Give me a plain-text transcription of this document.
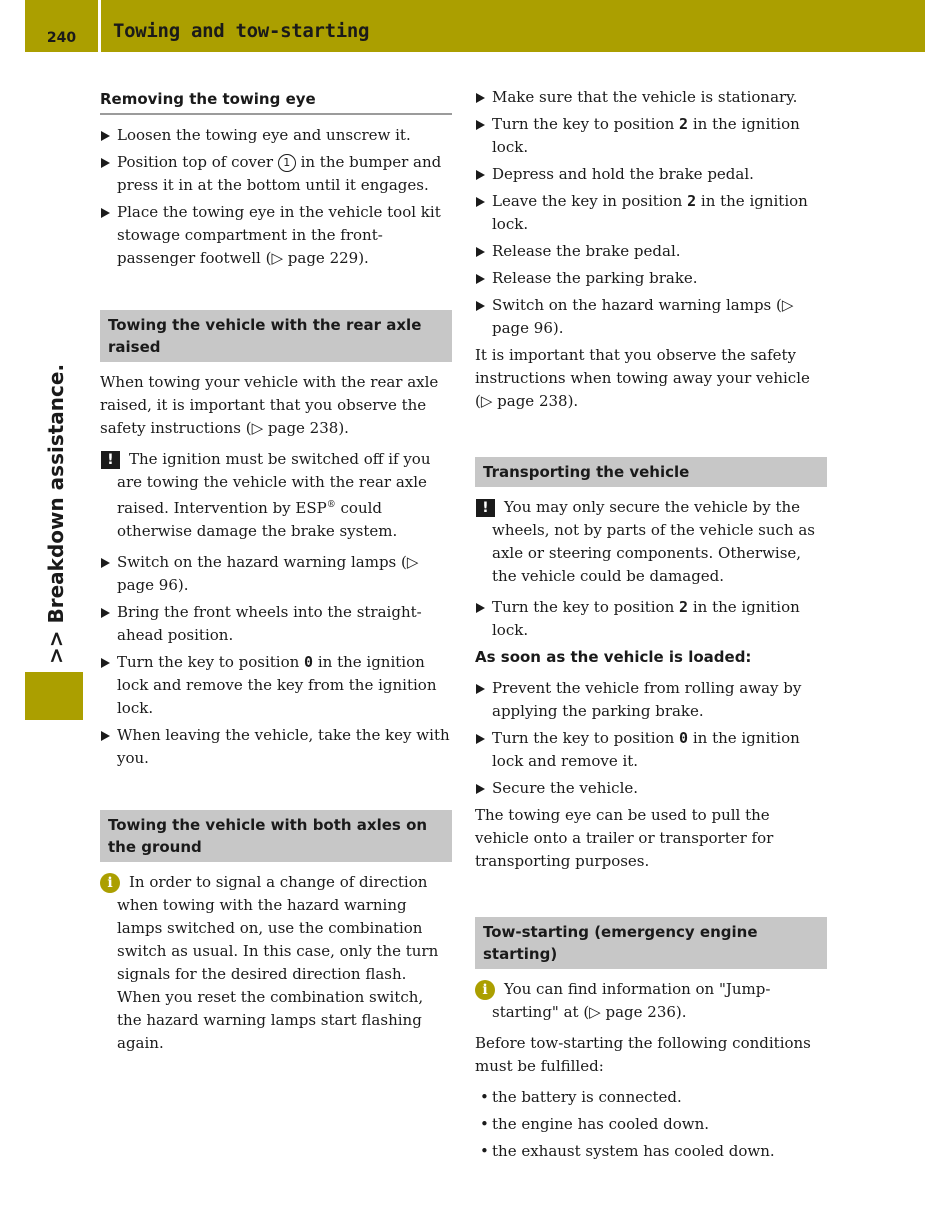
240	Towing and tow-starting
>> Breakdown assistance.
Removing the towing eye
Loosen the towing eye and unscrew it.
Position top of cover 1 in the bumper and press it in at the bottom until it engages.
Place the towing eye in the vehicle tool kit stowage compartment in the front-passenger footwell (▷ page 229).
Towing the vehicle with the rear axle raised

When towing your vehicle with the rear axle raised, it is important that you observe the safety instructions (▷ page 238).

!	The ignition must be switched off if you are towing the vehicle with the rear axle raised. Intervention by ESP® could otherwise damage the brake system.
Switch on the hazard warning lamps (▷ page 96).
Bring the front wheels into the straight-ahead position.
Turn the key to position 0 in the ignition lock and remove the key from the ignition lock.
When leaving the vehicle, take the key with you.
Towing the vehicle with both axles on the ground
i	In order to signal a change of direction when towing with the hazard warning lamps switched on, use the combination switch as usual. In this case, only the turn signals for the desired direction flash. When you reset the combination switch, the hazard warning lamps start flashing again.
Make sure that the vehicle is stationary.
Turn the key to position 2 in the ignition lock.
Depress and hold the brake pedal.
Leave the key in position 2 in the ignition lock.
Release the brake pedal.
Release the parking brake.
Switch on the hazard warning lamps (▷ page 96).

It is important that you observe the safety instructions when towing away your vehicle (▷ page 238).

Transporting the vehicle
!	You may only secure the vehicle by the wheels, not by parts of the vehicle such as axle or steering components. Otherwise, the vehicle could be damaged.
Turn the key to position 2 in the ignition lock.
As soon as the vehicle is loaded:
Prevent the vehicle from rolling away by applying the parking brake.
Turn the key to position 0 in the ignition lock and remove it.
Secure the vehicle.

The towing eye can be used to pull the vehicle onto a trailer or transporter for transporting purposes.

Tow-starting (emergency engine starting)
i	You can find information on "Jump-starting" at (▷ page 236).

Before tow-starting the following conditions must be fulfilled:

• the battery is connected.
• the engine has cooled down.
• the exhaust system has cooled down.
